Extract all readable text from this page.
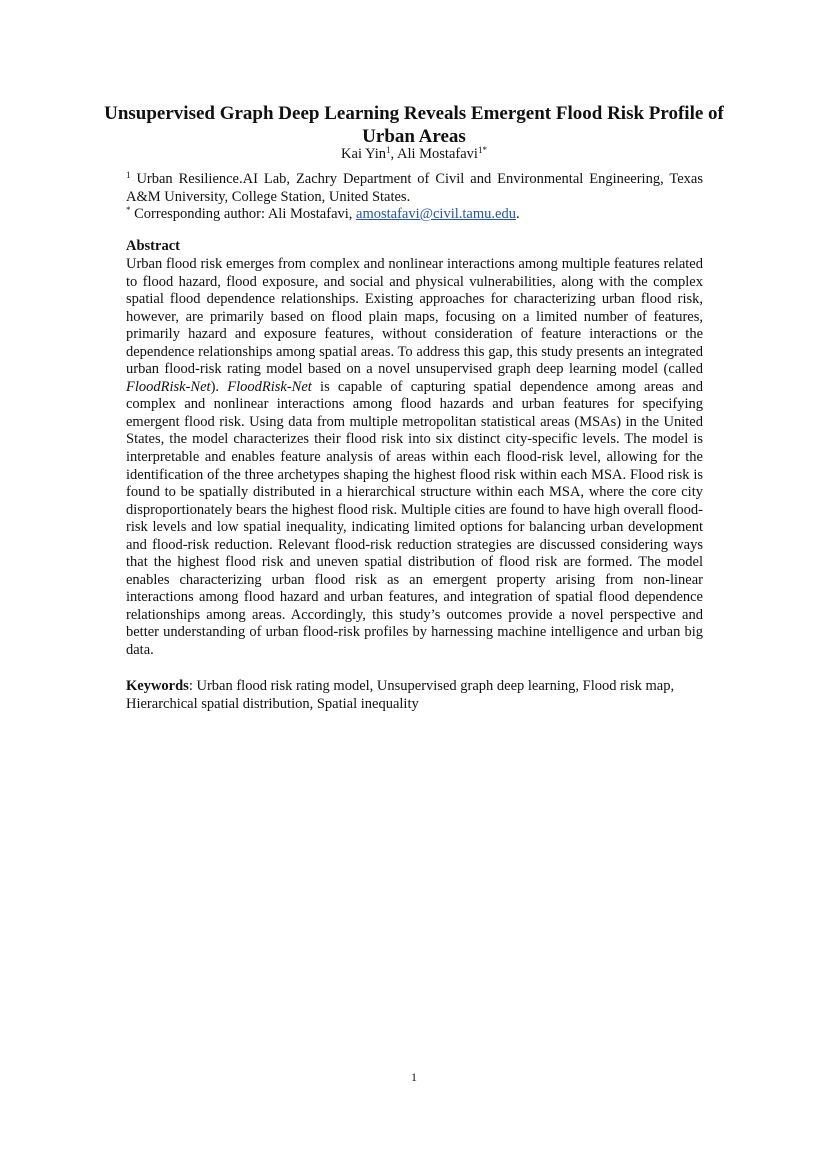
Unsupervised Graph Deep Learning Reveals Emergent Flood Risk Profile of Urban Areas
Kai Yin$^1$, Ali Mostafavi$^{1*}$

$^1$ Urban Resilience.AI Lab, Zachry Department of Civil and Environmental Engineering, Texas A&M University, College Station, United States.

* Corresponding author: Ali Mostafavi, amostafavi@civil.tamu.edu.

Abstract

Urban flood risk emerges from complex and nonlinear interactions among multiple features related to flood hazard, flood exposure, and social and physical vulnerabilities, along with the complex spatial flood dependence relationships. Existing approaches for characterizing urban flood risk, however, are primarily based on flood plain maps, focusing on a limited number of features, primarily hazard and exposure features, without consideration of feature interactions or the dependence relationships among spatial areas. To address this gap, this study presents an integrated urban flood-risk rating model based on a novel unsupervised graph deep learning model (called FloodRisk-Net). FloodRisk-Net is capable of capturing spatial dependence among areas and complex and nonlinear interactions among flood hazards and urban features for specifying emergent flood risk. Using data from multiple metropolitan statistical areas (MSAs) in the United States, the model characterizes their flood risk into six distinct city-specific levels. The model is interpretable and enables feature analysis of areas within each flood-risk level, allowing for the identification of the three archetypes shaping the highest flood risk within each MSA. Flood risk is found to be spatially distributed in a hierarchical structure within each MSA, where the core city disproportionately bears the highest flood risk. Multiple cities are found to have high overall flood-risk levels and low spatial inequality, indicating limited options for balancing urban development and flood-risk reduction. Relevant flood-risk reduction strategies are discussed considering ways that the highest flood risk and uneven spatial distribution of flood risk are formed. The model enables characterizing urban flood risk as an emergent property arising from non-linear interactions among flood hazard and urban features, and integration of spatial flood dependence relationships among areas. Accordingly, this study’s outcomes provide a novel perspective and better understanding of urban flood-risk profiles by harnessing machine intelligence and urban big data.

Keywords: Urban flood risk rating model, Unsupervised graph deep learning, Flood risk map, Hierarchical spatial distribution, Spatial inequality

1
